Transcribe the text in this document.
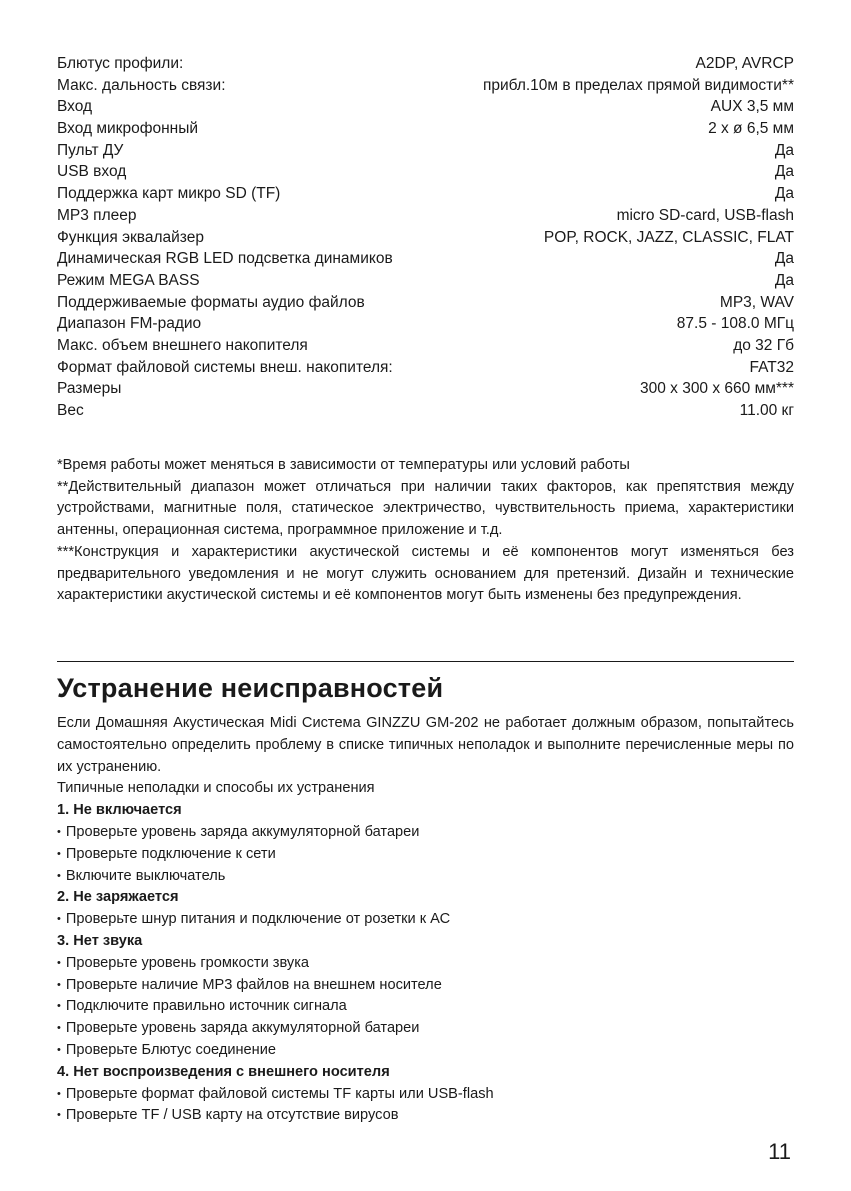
Блютус профили:	A2DP, AVRCP
Макс. дальность связи:	прибл.10м в пределах прямой видимости**
Вход	AUX 3,5 мм
Вход микрофонный	2 х ø 6,5 мм
Пульт ДУ	Да
USB вход	Да
Поддержка карт микро SD (TF)	Да
MP3 плеер	micro SD-card, USB-flash
Функция эквалайзер	POP, ROCK, JAZZ, CLASSIC, FLAT
Динамическая RGB LED подсветка динамиков	Да
Режим MEGA BASS	Да
Поддерживаемые форматы аудио файлов	MP3, WAV
Диапазон FM-радио	87.5 - 108.0 МГц
Макс. объем внешнего накопителя	до 32 Гб
Формат файловой системы внеш. накопителя:	FAT32
Размеры	300 х 300 х 660 мм***
Вес	11.00 кг

*Время работы может меняться в зависимости от температуры или условий работы

**Действительный диапазон может отличаться при наличии таких факторов, как препятствия между устройствами, магнитные поля, статическое электричество, чувствительность приема, характеристики антенны, операционная система, программное приложение и т.д.

***Конструкция и характеристики акустической системы и её компонентов могут изменяться без предварительного уведомления и не могут служить основанием для претензий. Дизайн и технические характеристики акустической системы и её компонентов могут быть изменены без предупреждения.

Устранение неисправностей

Если Домашняя Акустическая Midi Система GINZZU GM-202 не работает должным образом, попытайтесь самостоятельно определить проблему в списке типичных неполадок и выполните перечисленные меры по их устранению.

Типичные неполадки и способы их устранения

1. Не включается

• Проверьте уровень заряда аккумуляторной батареи

• Проверьте подключение к сети

• Включите выключатель

2. Не заряжается

• Проверьте шнур питания и подключение от розетки к АС

3. Нет звука

• Проверьте уровень громкости звука

• Проверьте наличие MP3 файлов на внешнем носителе

• Подключите правильно источник сигнала

• Проверьте уровень заряда аккумуляторной батареи

• Проверьте Блютус соединение

4. Нет воспроизведения с внешнего носителя

• Проверьте формат файловой системы TF карты или USB-flash

• Проверьте TF / USB карту на отсутствие вирусов

11
